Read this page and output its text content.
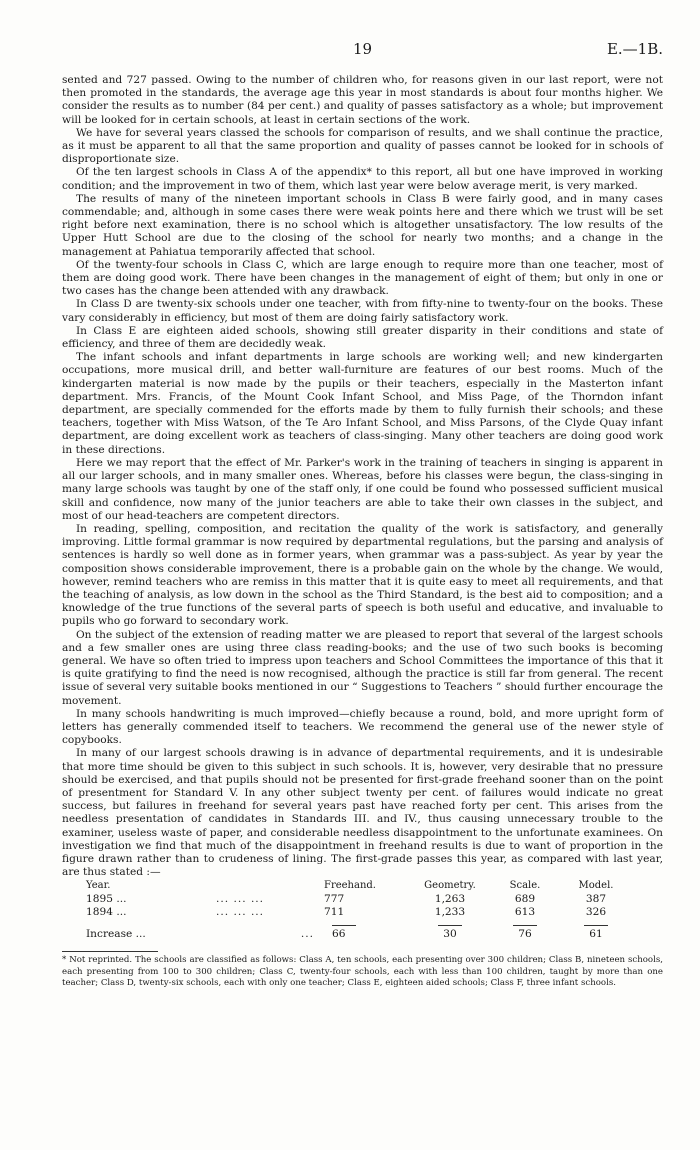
19	E.—1B.

sented and 727 passed. Owing to the number of children who, for reasons given in our last report, were not then promoted in the standards, the average age this year in most standards is about four months higher. We consider the results as to number (84 per cent.) and quality of passes satisfactory as a whole; but improvement will be looked for in certain schools, at least in certain sections of the work.

We have for several years classed the schools for comparison of results, and we shall continue the practice, as it must be apparent to all that the same proportion and quality of passes cannot be looked for in schools of disproportionate size.

Of the ten largest schools in Class A of the appendix* to this report, all but one have improved in working condition; and the improvement in two of them, which last year were below average merit, is very marked.

The results of many of the nineteen important schools in Class B were fairly good, and in many cases commendable; and, although in some cases there were weak points here and there which we trust will be set right before next examination, there is no school which is altogether unsatisfactory. The low results of the Upper Hutt School are due to the closing of the school for nearly two months; and a change in the management at Pahiatua temporarily affected that school.

Of the twenty-four schools in Class C, which are large enough to require more than one teacher, most of them are doing good work. There have been changes in the management of eight of them; but only in one or two cases has the change been attended with any drawback.

In Class D are twenty-six schools under one teacher, with from fifty-nine to twenty-four on the books. These vary considerably in efficiency, but most of them are doing fairly satisfactory work.

In Class E are eighteen aided schools, showing still greater disparity in their conditions and state of efficiency, and three of them are decidedly weak.

The infant schools and infant departments in large schools are working well; and new kindergarten occupations, more musical drill, and better wall-furniture are features of our best rooms. Much of the kindergarten material is now made by the pupils or their teachers, especially in the Masterton infant department. Mrs. Francis, of the Mount Cook Infant School, and Miss Page, of the Thorndon infant department, are specially commended for the efforts made by them to fully furnish their schools; and these teachers, together with Miss Watson, of the Te Aro Infant School, and Miss Parsons, of the Clyde Quay infant department, are doing excellent work as teachers of class-singing. Many other teachers are doing good work in these directions.

Here we may report that the effect of Mr. Parker's work in the training of teachers in singing is apparent in all our larger schools, and in many smaller ones. Whereas, before his classes were begun, the class-singing in many large schools was taught by one of the staff only, if one could be found who possessed sufficient musical skill and confidence, now many of the junior teachers are able to take their own classes in the subject, and most of our head-teachers are competent directors.

In reading, spelling, composition, and recitation the quality of the work is satisfactory, and generally improving. Little formal grammar is now required by departmental regulations, but the parsing and analysis of sentences is hardly so well done as in former years, when grammar was a pass-subject. As year by year the composition shows considerable improvement, there is a probable gain on the whole by the change. We would, however, remind teachers who are remiss in this matter that it is quite easy to meet all requirements, and that the teaching of analysis, as low down in the school as the Third Standard, is the best aid to composition; and a knowledge of the true functions of the several parts of speech is both useful and educative, and invaluable to pupils who go forward to secondary work.

On the subject of the extension of reading matter we are pleased to report that several of the largest schools and a few smaller ones are using three class reading-books; and the use of two such books is becoming general. We have so often tried to impress upon teachers and School Committees the importance of this that it is quite gratifying to find the need is now recognised, although the practice is still far from general. The recent issue of several very suitable books mentioned in our “ Suggestions to Teachers ” should further encourage the movement.

In many schools handwriting is much improved—chiefly because a round, bold, and more upright form of letters has generally commended itself to teachers. We recommend the general use of the newer style of copybooks.

In many of our largest schools drawing is in advance of departmental requirements, and it is undesirable that more time should be given to this subject in such schools. It is, however, very desirable that no pressure should be exercised, and that pupils should not be presented for first-grade freehand sooner than on the point of presentment for Standard V. In any other subject twenty per cent. of failures would indicate no great success, but failures in freehand for several years past have reached forty per cent. This arises from the needless presentation of candidates in Standards III. and IV., thus causing unnecessary trouble to the examiner, useless waste of paper, and considerable needless disappointment to the unfortunate examinees. On investigation we find that much of the disappointment in freehand results is due to want of proportion in the figure drawn rather than to crudeness of lining. The first-grade passes this year, as compared with last year, are thus stated :—

Year.		Freehand.	Geometry.	Scale.	Model.
1895 ...	... ... ...	777	1,263	689	387
1894 ...	... ... ...	711	1,233	613	326

Increase ...	...	66	30	76	61

* Not reprinted. The schools are classified as follows: Class A, ten schools, each presenting over 300 children; Class B, nineteen schools, each presenting from 100 to 300 children; Class C, twenty-four schools, each with less than 100 children, taught by more than one teacher; Class D, twenty-six schools, each with only one teacher; Class E, eighteen aided schools; Class F, three infant schools.
